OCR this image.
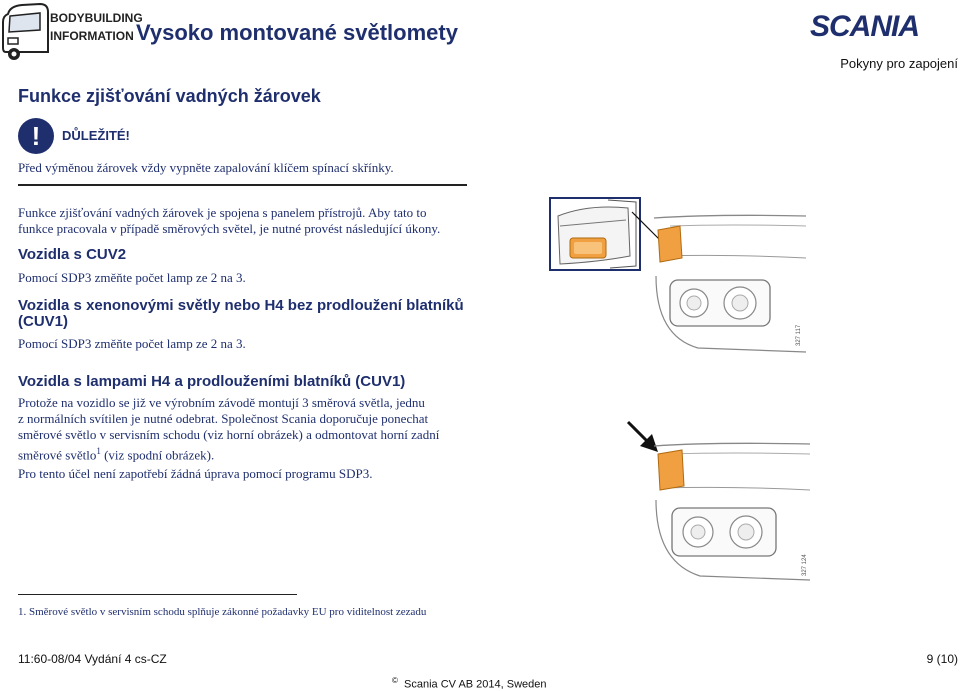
BODYBUILDING
INFORMATION Vysoko montované světlomety	SCANIA
Pokyny pro zapojení
Funkce zjišťování vadných žárovek
!	DŮLEŽITÉ!
Před výměnou žárovek vždy vypněte zapalování klíčem spínací skřínky.
Funkce zjišťování vadných žárovek je spojena s panelem přístrojů. Aby tato to
funkce pracovala v případě směrových světel, je nutné provést následující úkony.
Vozidla s CUV2
Pomocí SDP3 změňte počet lamp ze 2 na 3.
Vozidla s xenonovými světly nebo H4 bez prodloužení blatníků
(CUV1)
Pomocí SDP3 změňte počet lamp ze 2 na 3.
Vozidla s lampami H4 a prodlouženími blatníků (CUV1)
Protože na vozidlo se již ve výrobním závodě montují 3 směrová světla, jednu
z normálních svítilen je nutné odebrat. Společnost Scania doporučuje ponechat
směrové světlo v servisním schodu (viz horní obrázek) a odmontovat horní zadní
směrové světlo$^1$ (viz spodní obrázek).
Pro tento účel není zapotřebí žádná úprava pomocí programu SDP3.
327 117
327 124
1. Směrové světlo v servisním schodu splňuje zákonné požadavky EU pro viditelnost zezadu
11:60-08/04 Vydání 4 cs-CZ	9 (10)
© Scania CV AB 2014, Sweden
